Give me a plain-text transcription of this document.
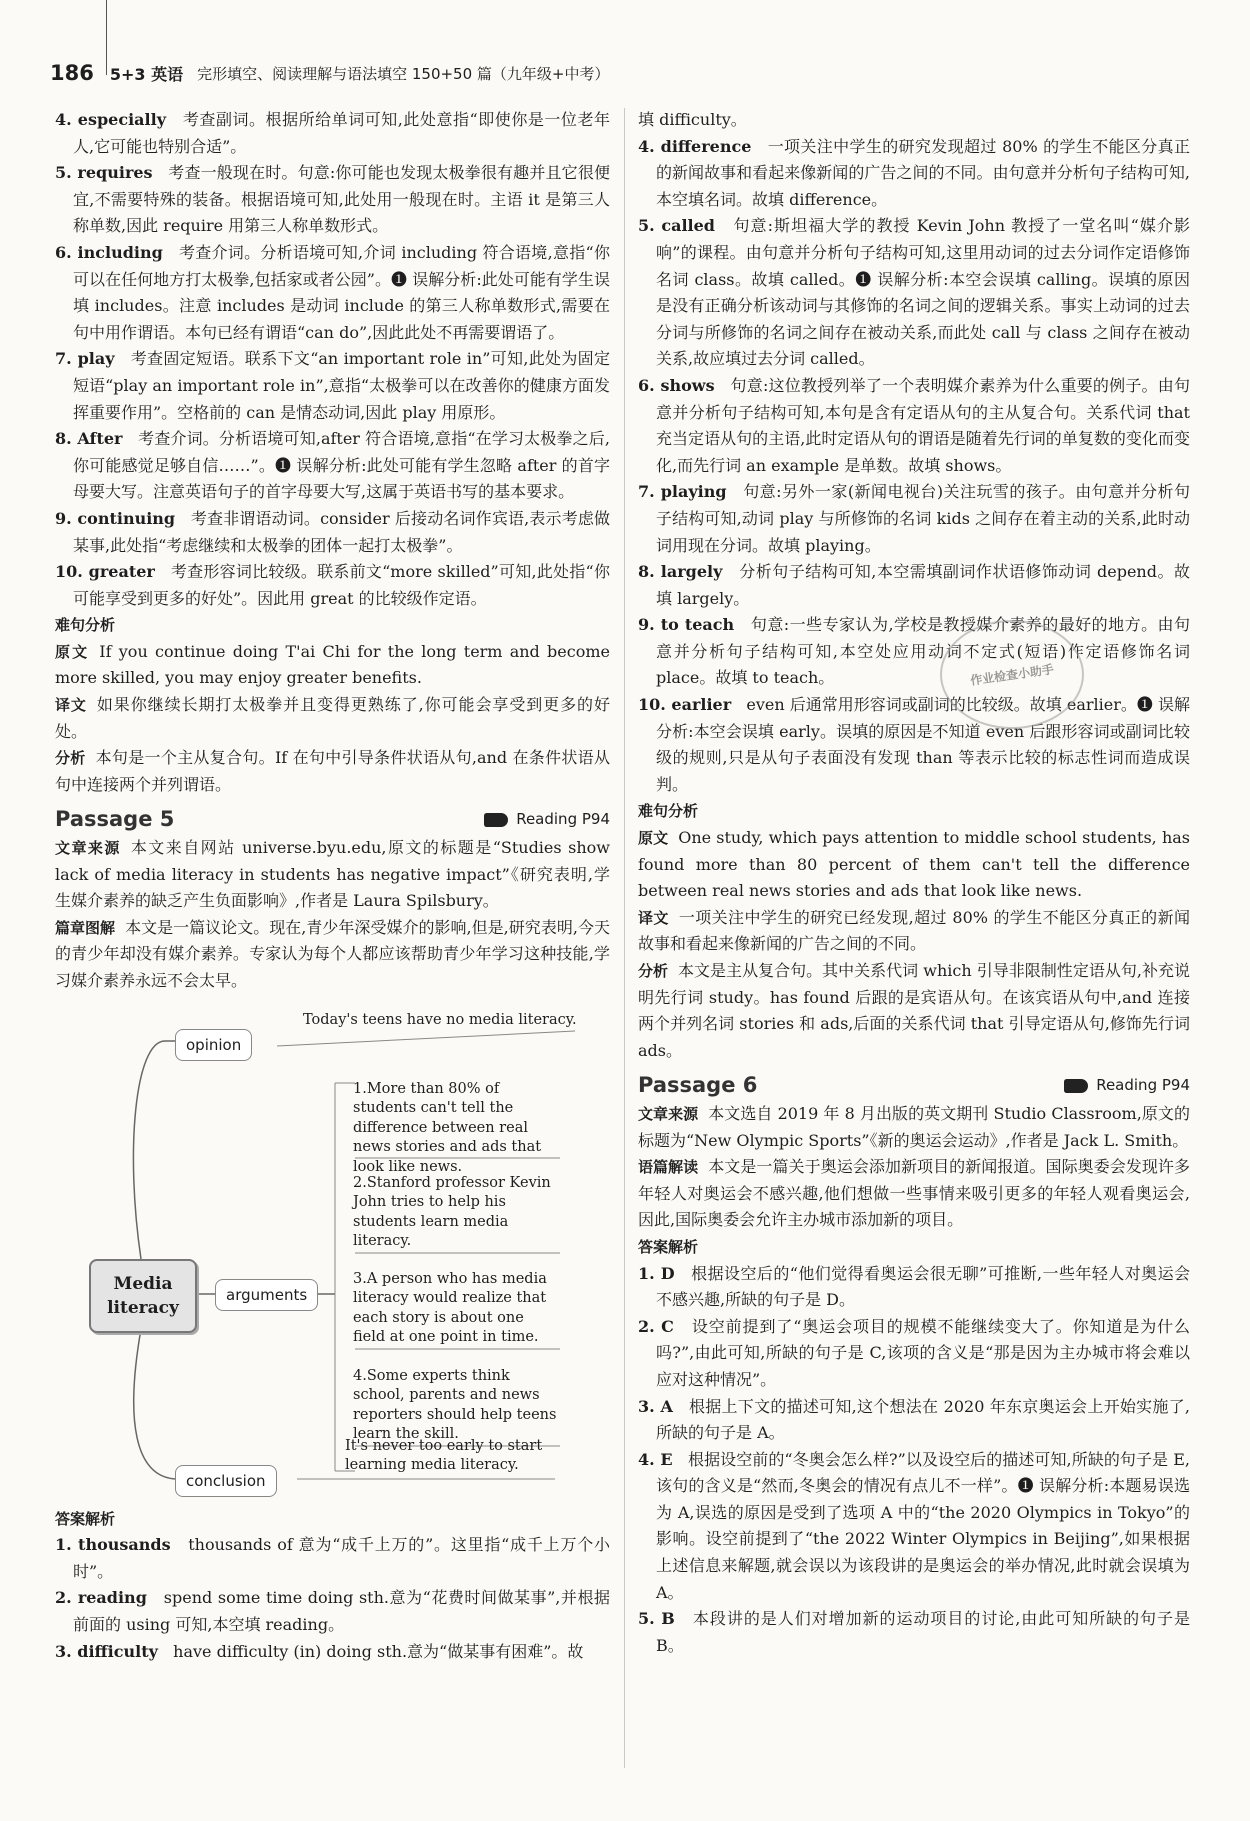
186 5+3 英语 完形填空、阅读理解与语法填空 150+50 篇（九年级+中考）

4. especially 考查副词。根据所给单词可知,此处意指“即使你是一位老年人,它可能也特别合适”。

5. requires 考查一般现在时。句意:你可能也发现太极拳很有趣并且它很便宜,不需要特殊的装备。根据语境可知,此处用一般现在时。主语 it 是第三人称单数,因此 require 用第三人称单数形式。

6. including 考查介词。分析语境可知,介词 including 符合语境,意指“你可以在任何地方打太极拳,包括家或者公园”。❶ 误解分析:此处可能有学生误填 includes。注意 includes 是动词 include 的第三人称单数形式,需要在句中用作谓语。本句已经有谓语“can do”,因此此处不再需要谓语了。

7. play 考查固定短语。联系下文“an important role in”可知,此处为固定短语“play an important role in”,意指“太极拳可以在改善你的健康方面发挥重要作用”。空格前的 can 是情态动词,因此 play 用原形。

8. After 考查介词。分析语境可知,after 符合语境,意指“在学习太极拳之后,你可能感觉足够自信……”。❶ 误解分析:此处可能有学生忽略 after 的首字母要大写。注意英语句子的首字母要大写,这属于英语书写的基本要求。

9. continuing 考查非谓语动词。consider 后接动名词作宾语,表示考虑做某事,此处指“考虑继续和太极拳的团体一起打太极拳”。

10. greater 考查形容词比较级。联系前文“more skilled”可知,此处指“你可能享受到更多的好处”。因此用 great 的比较级作定语。

难句分析

原文 If you continue doing T'ai Chi for the long term and become more skilled, you may enjoy greater benefits.

译文 如果你继续长期打太极拳并且变得更熟练了,你可能会享受到更多的好处。

分析 本句是一个主从复合句。If 在句中引导条件状语从句,and 在条件状语从句中连接两个并列谓语。

Passage 5	Reading P94

文章来源 本文来自网站 universe.byu.edu,原文的标题是“Studies show lack of media literacy in students has negative impact”《研究表明,学生媒介素养的缺乏产生负面影响》,作者是 Laura Spilsbury。

篇章图解 本文是一篇议论文。现在,青少年深受媒介的影响,但是,研究表明,今天的青少年却没有媒介素养。专家认为每个人都应该帮助青少年学习这种技能,学习媒介素养永远不会太早。

opinion
Today's teens have no media literacy.
Media literacy
arguments
1.More than 80% of students can't tell the difference between real news stories and ads that look like news.
2.Stanford professor Kevin John tries to help his students learn media literacy.
3.A person who has media literacy would realize that each story is about one field at one point in time.
4.Some experts think school, parents and news reporters should help teens learn the skill.
conclusion
It's never too early to start learning media literacy.

答案解析

1. thousands thousands of 意为“成千上万的”。这里指“成千上万个小时”。

2. reading spend some time doing sth.意为“花费时间做某事”,并根据前面的 using 可知,本空填 reading。

3. difficulty have difficulty (in) doing sth.意为“做某事有困难”。故

填 difficulty。

4. difference 一项关注中学生的研究发现超过 80% 的学生不能区分真正的新闻故事和看起来像新闻的广告之间的不同。由句意并分析句子结构可知,本空填名词。故填 difference。

5. called 句意:斯坦福大学的教授 Kevin John 教授了一堂名叫“媒介影响”的课程。由句意并分析句子结构可知,这里用动词的过去分词作定语修饰名词 class。故填 called。❶ 误解分析:本空会误填 calling。误填的原因是没有正确分析该动词与其修饰的名词之间的逻辑关系。事实上动词的过去分词与所修饰的名词之间存在被动关系,而此处 call 与 class 之间存在被动关系,故应填过去分词 called。

6. shows 句意:这位教授列举了一个表明媒介素养为什么重要的例子。由句意并分析句子结构可知,本句是含有定语从句的主从复合句。关系代词 that 充当定语从句的主语,此时定语从句的谓语是随着先行词的单复数的变化而变化,而先行词 an example 是单数。故填 shows。

7. playing 句意:另外一家(新闻电视台)关注玩雪的孩子。由句意并分析句子结构可知,动词 play 与所修饰的名词 kids 之间存在着主动的关系,此时动词用现在分词。故填 playing。

8. largely 分析句子结构可知,本空需填副词作状语修饰动词 depend。故填 largely。

9. to teach 句意:一些专家认为,学校是教授媒介素养的最好的地方。由句意并分析句子结构可知,本空处应用动词不定式(短语)作定语修饰名词 place。故填 to teach。

10. earlier even 后通常用形容词或副词的比较级。故填 earlier。❶ 误解分析:本空会误填 early。误填的原因是不知道 even 后跟形容词或副词比较级的规则,只是从句子表面没有发现 than 等表示比较的标志性词而造成误判。

难句分析

原文 One study, which pays attention to middle school students, has found more than 80 percent of them can't tell the difference between real news stories and ads that look like news.

译文 一项关注中学生的研究已经发现,超过 80% 的学生不能区分真正的新闻故事和看起来像新闻的广告之间的不同。

分析 本文是主从复合句。其中关系代词 which 引导非限制性定语从句,补充说明先行词 study。has found 后跟的是宾语从句。在该宾语从句中,and 连接两个并列名词 stories 和 ads,后面的关系代词 that 引导定语从句,修饰先行词 ads。

Passage 6	Reading P94

文章来源 本文选自 2019 年 8 月出版的英文期刊 Studio Classroom,原文的标题为“New Olympic Sports”《新的奥运会运动》,作者是 Jack L. Smith。

语篇解读 本文是一篇关于奥运会添加新项目的新闻报道。国际奥委会发现许多年轻人对奥运会不感兴趣,他们想做一些事情来吸引更多的年轻人观看奥运会,因此,国际奥委会允许主办城市添加新的项目。

答案解析

1. D 根据设空后的“他们觉得看奥运会很无聊”可推断,一些年轻人对奥运会不感兴趣,所缺的句子是 D。

2. C 设空前提到了“奥运会项目的规模不能继续变大了。你知道是为什么吗?”,由此可知,所缺的句子是 C,该项的含义是“那是因为主办城市将会难以应对这种情况”。

3. A 根据上下文的描述可知,这个想法在 2020 年东京奥运会上开始实施了,所缺的句子是 A。

4. E 根据设空前的“冬奥会怎么样?”以及设空后的描述可知,所缺的句子是 E,该句的含义是“然而,冬奥会的情况有点儿不一样”。❶ 误解分析:本题易误选为 A,误选的原因是受到了选项 A 中的“the 2020 Olympics in Tokyo”的影响。设空前提到了“the 2022 Winter Olympics in Beijing”,如果根据上述信息来解题,就会误以为该段讲的是奥运会的举办情况,此时就会误填为 A。

5. B 本段讲的是人们对增加新的运动项目的讨论,由此可知所缺的句子是 B。

作业检查小助手
